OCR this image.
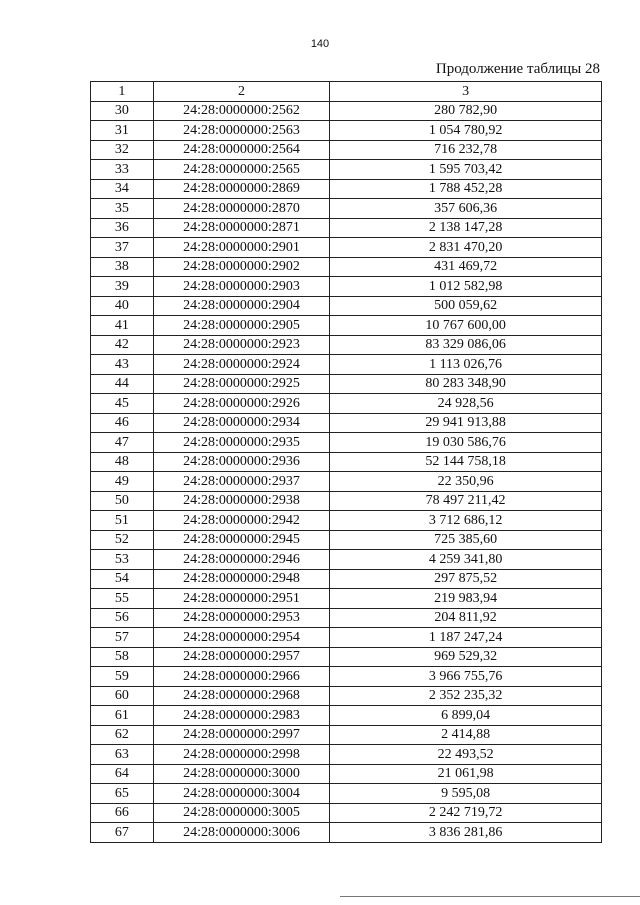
140
Продолжение таблицы 28
1	2	3
30	24:28:0000000:2562	280 782,90
31	24:28:0000000:2563	1 054 780,92
32	24:28:0000000:2564	716 232,78
33	24:28:0000000:2565	1 595 703,42
34	24:28:0000000:2869	1 788 452,28
35	24:28:0000000:2870	357 606,36
36	24:28:0000000:2871	2 138 147,28
37	24:28:0000000:2901	2 831 470,20
38	24:28:0000000:2902	431 469,72
39	24:28:0000000:2903	1 012 582,98
40	24:28:0000000:2904	500 059,62
41	24:28:0000000:2905	10 767 600,00
42	24:28:0000000:2923	83 329 086,06
43	24:28:0000000:2924	1 113 026,76
44	24:28:0000000:2925	80 283 348,90
45	24:28:0000000:2926	24 928,56
46	24:28:0000000:2934	29 941 913,88
47	24:28:0000000:2935	19 030 586,76
48	24:28:0000000:2936	52 144 758,18
49	24:28:0000000:2937	22 350,96
50	24:28:0000000:2938	78 497 211,42
51	24:28:0000000:2942	3 712 686,12
52	24:28:0000000:2945	725 385,60
53	24:28:0000000:2946	4 259 341,80
54	24:28:0000000:2948	297 875,52
55	24:28:0000000:2951	219 983,94
56	24:28:0000000:2953	204 811,92
57	24:28:0000000:2954	1 187 247,24
58	24:28:0000000:2957	969 529,32
59	24:28:0000000:2966	3 966 755,76
60	24:28:0000000:2968	2 352 235,32
61	24:28:0000000:2983	6 899,04
62	24:28:0000000:2997	2 414,88
63	24:28:0000000:2998	22 493,52
64	24:28:0000000:3000	21 061,98
65	24:28:0000000:3004	9 595,08
66	24:28:0000000:3005	2 242 719,72
67	24:28:0000000:3006	3 836 281,86
